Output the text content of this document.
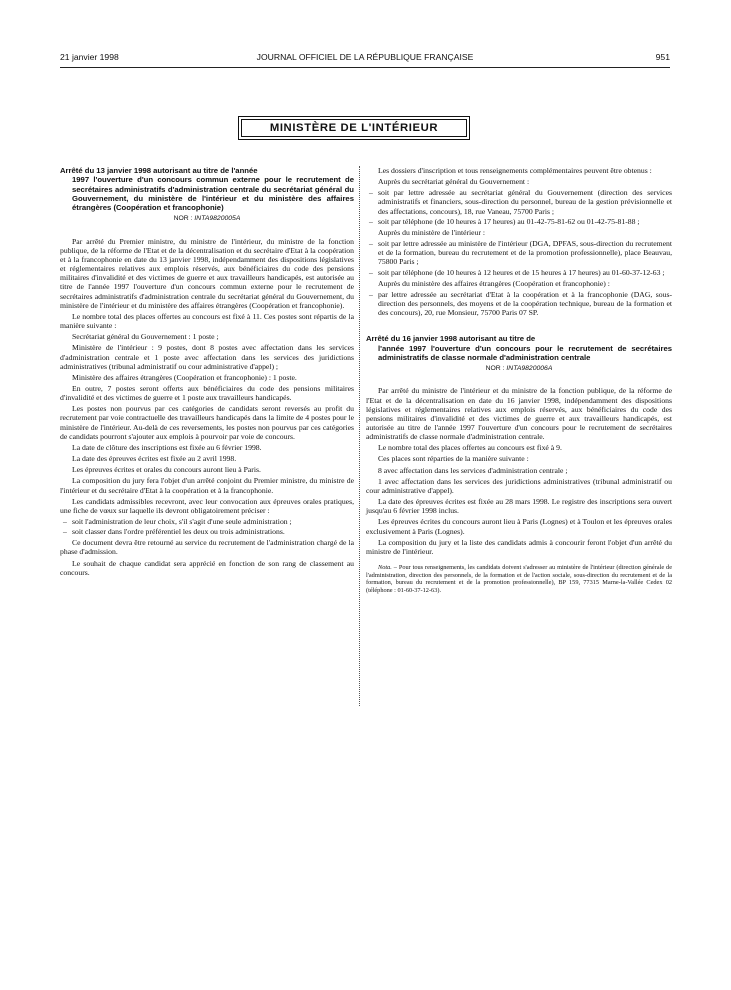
21 janvier 1998	JOURNAL OFFICIEL DE LA RÉPUBLIQUE FRANÇAISE	951
MINISTÈRE DE L'INTÉRIEUR
Arrêté du 13 janvier 1998 autorisant au titre de l'année
1997 l'ouverture d'un concours commun externe pour le recrutement de secrétaires administratifs d'administration centrale du secrétariat général du Gouvernement, du ministère de l'intérieur et du ministère des affaires étrangères (Coopération et francophonie)
NOR : INTA9820005A

Par arrêté du Premier ministre, du ministre de l'intérieur, du ministre de la fonction publique, de la réforme de l'Etat et de la décentralisation et du secrétaire d'Etat à la coopération et à la francophonie en date du 13 janvier 1998, indépendamment des dispositions législatives et réglementaires relatives aux emplois réservés, aux bénéficiaires du code des pensions militaires d'invalidité et des victimes de guerre et aux travailleurs handicapés, est autorisée au titre de l'année 1997 l'ouverture d'un concours commun externe pour le recrutement de secrétaires administratifs d'administration centrale du secrétariat général du Gouvernement, du ministère de l'intérieur et du ministère des affaires étrangères (Coopération et francophonie).

Le nombre total des places offertes au concours est fixé à 11. Ces postes sont répartis de la manière suivante :

Secrétariat général du Gouvernement : 1 poste ;

Ministère de l'intérieur : 9 postes, dont 8 postes avec affectation dans les services d'administration centrale et 1 poste avec affectation dans les services des juridictions administratives (tribunal administratif ou cour administrative d'appel) ;

Ministère des affaires étrangères (Coopération et francophonie) : 1 poste.

En outre, 7 postes seront offerts aux bénéficiaires du code des pensions militaires d'invalidité et des victimes de guerre et 1 poste aux travailleurs handicapés.

Les postes non pourvus par ces catégories de candidats seront reversés au profit du recrutement par voie contractuelle des travailleurs handicapés dans la limite de 4 postes pour le ministère de l'intérieur. Au-delà de ces reversements, les postes non pourvus par ces catégories de candidats pourront s'ajouter aux emplois à pourvoir par voie de concours.

La date de clôture des inscriptions est fixée au 6 février 1998.

La date des épreuves écrites est fixée au 2 avril 1998.

Les épreuves écrites et orales du concours auront lieu à Paris.

La composition du jury fera l'objet d'un arrêté conjoint du Premier ministre, du ministre de l'intérieur et du secrétaire d'Etat à la coopération et à la francophonie.

Les candidats admissibles recevront, avec leur convocation aux épreuves orales pratiques, une fiche de vœux sur laquelle ils devront obligatoirement préciser :

– soit l'administration de leur choix, s'il s'agit d'une seule administration ;
– soit classer dans l'ordre préférentiel les deux ou trois administrations.

Ce document devra être retourné au service du recrutement de l'administration chargé de la phase d'admission.

Le souhait de chaque candidat sera apprécié en fonction de son rang de classement au concours.

Les dossiers d'inscription et tous renseignements complémentaires peuvent être obtenus :

Auprès du secrétariat général du Gouvernement :

– soit par lettre adressée au secrétariat général du Gouvernement (direction des services administratifs et financiers, sous-direction du personnel, bureau de la gestion prévisionnelle et des affectations, concours), 18, rue Vaneau, 75700 Paris ;
– soit par téléphone (de 10 heures à 17 heures) au 01-42-75-81-62 ou 01-42-75-81-88 ;

Auprès du ministère de l'intérieur :

– soit par lettre adressée au ministère de l'intérieur (DGA, DPFAS, sous-direction du recrutement et de la formation, bureau du recrutement et de la promotion professionnelle), place Beauvau, 75800 Paris ;
– soit par téléphone (de 10 heures à 12 heures et de 15 heures à 17 heures) au 01-60-37-12-63 ;

Auprès du ministère des affaires étrangères (Coopération et francophonie) :

– par lettre adressée au secrétariat d'Etat à la coopération et à la francophonie (DAG, sous-direction des personnels, des moyens et de la coopération technique, bureau de la formation et des concours), 20, rue Monsieur, 75700 Paris 07 SP.
Arrêté du 16 janvier 1998 autorisant au titre de
l'année 1997 l'ouverture d'un concours pour le recrutement de secrétaires administratifs de classe normale d'administration centrale
NOR : INTA9820006A

Par arrêté du ministre de l'intérieur et du ministre de la fonction publique, de la réforme de l'Etat et de la décentralisation en date du 16 janvier 1998, indépendamment des dispositions législatives et réglementaires relatives aux emplois réservés, aux bénéficiaires du code des pensions militaires d'invalidité et des victimes de guerre et aux travailleurs handicapés, est autorisée au titre de l'année 1997 l'ouverture d'un concours pour le recrutement de secrétaires administratifs de classe normale d'administration centrale.

Le nombre total des places offertes au concours est fixé à 9.

Ces places sont réparties de la manière suivante :

8 avec affectation dans les services d'administration centrale ;

1 avec affectation dans les services des juridictions administratives (tribunal administratif ou cour administrative d'appel).

La date des épreuves écrites est fixée au 28 mars 1998. Le registre des inscriptions sera ouvert jusqu'au 6 février 1998 inclus.

Les épreuves écrites du concours auront lieu à Paris (Lognes) et à Toulon et les épreuves orales exclusivement à Paris (Lognes).

La composition du jury et la liste des candidats admis à concourir feront l'objet d'un arrêté du ministre de l'intérieur.

Nota. – Pour tous renseignements, les candidats doivent s'adresser au ministère de l'intérieur (direction générale de l'administration, direction des personnels, de la formation et de l'action sociale, sous-direction du recrutement et de la formation, bureau du recrutement et de la promotion professionnelle), BP 159, 77315 Marne-la-Vallée Cedex 02 (téléphone : 01-60-37-12-63).
